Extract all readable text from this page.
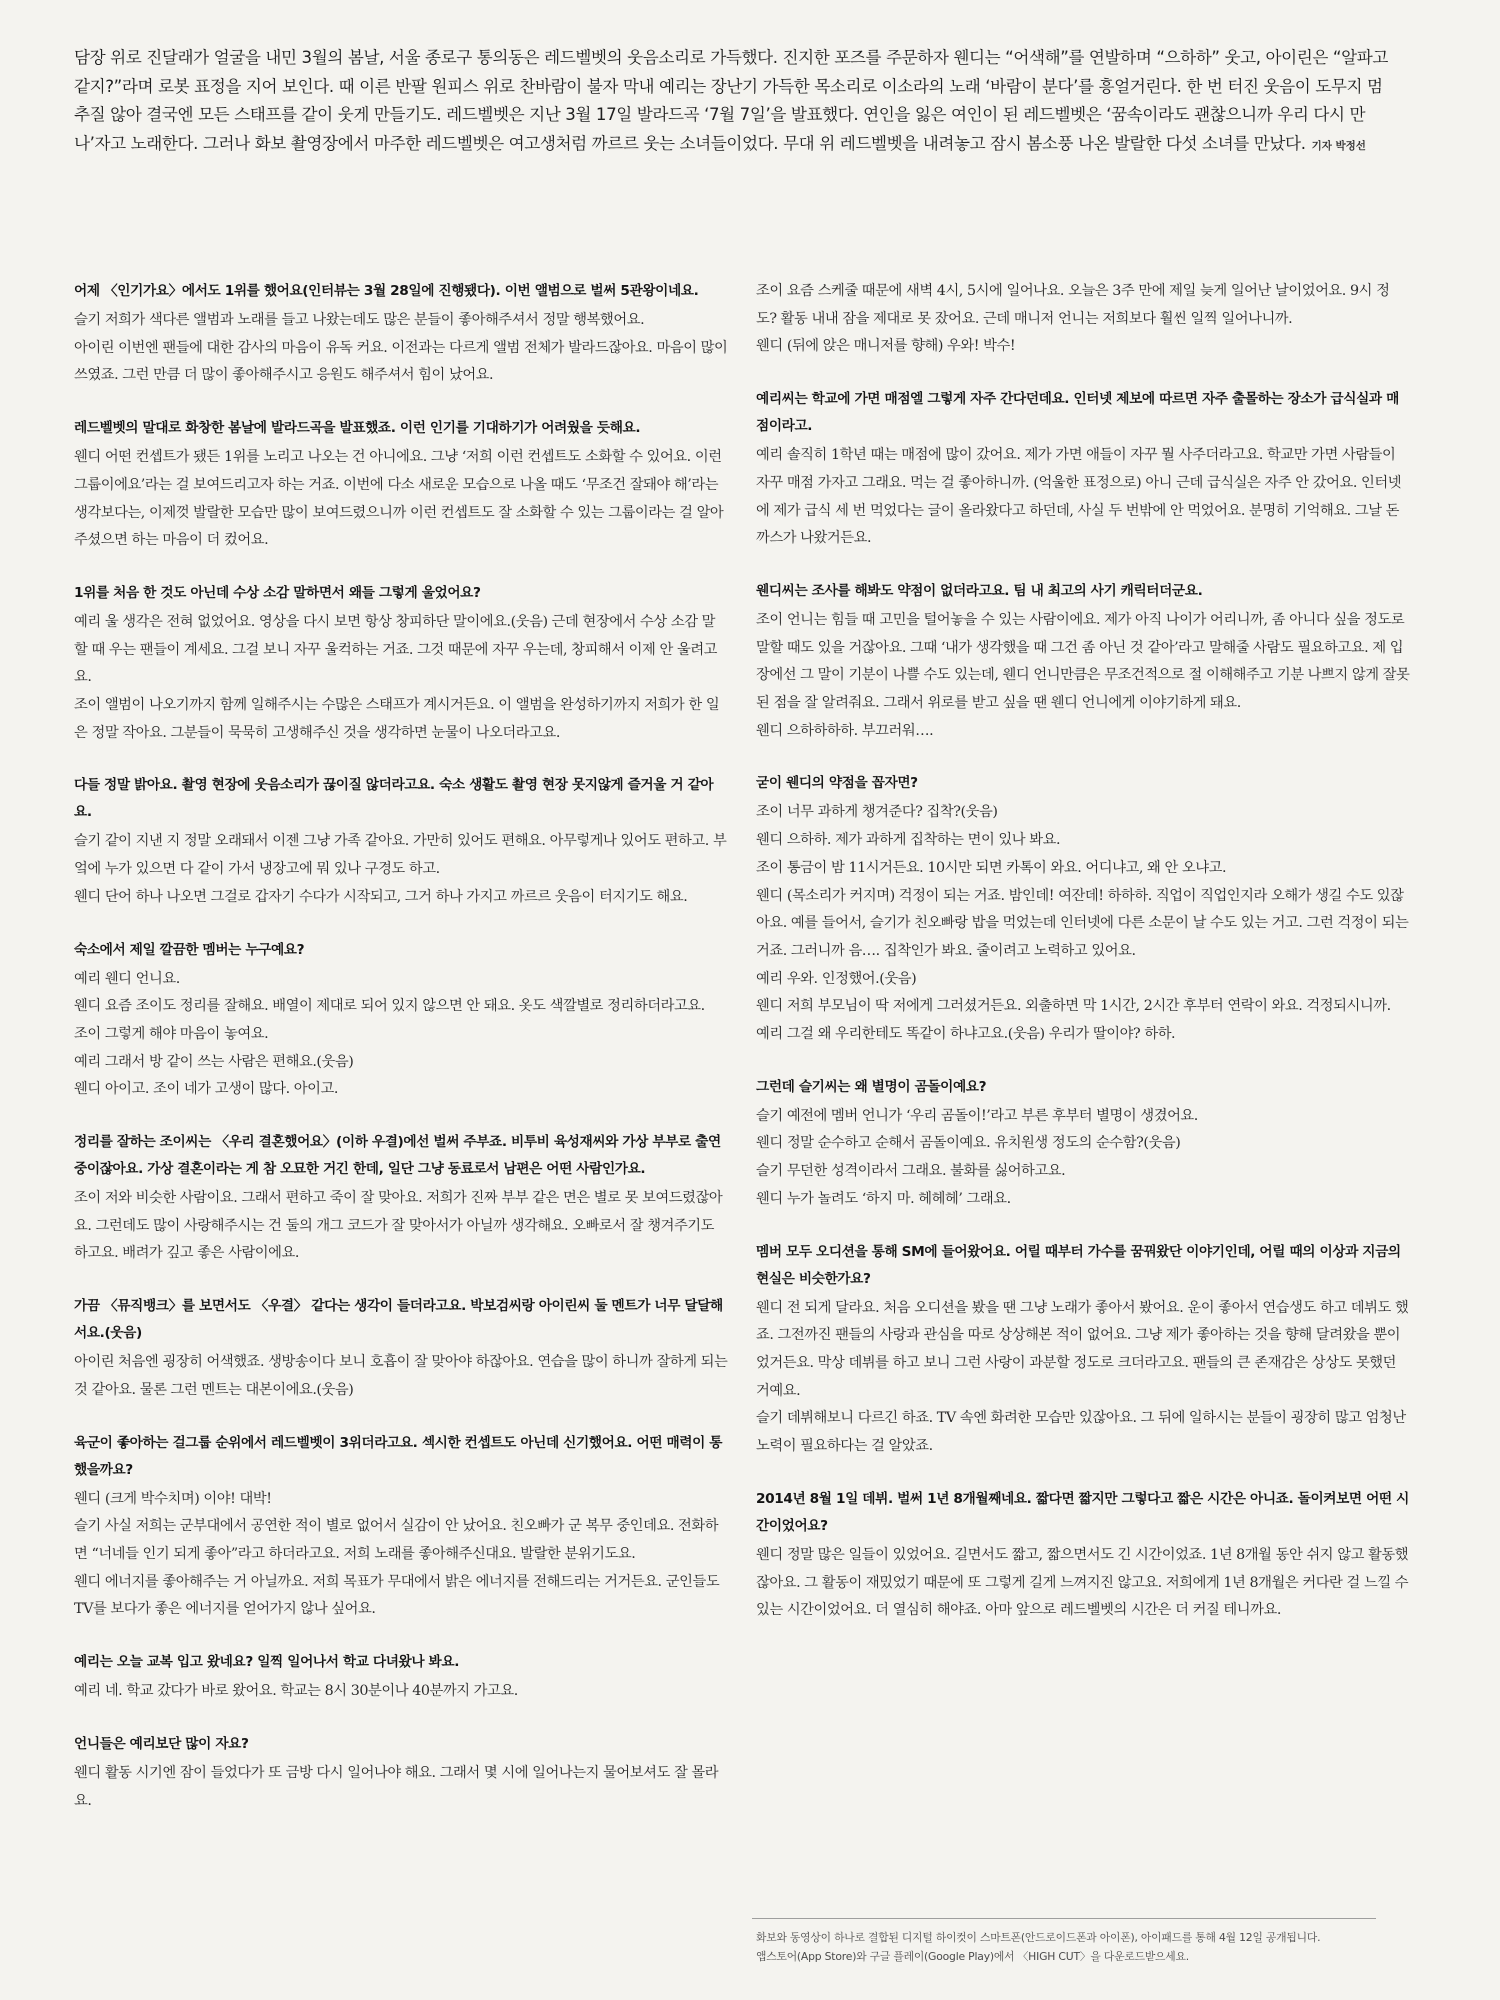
담장 위로 진달래가 얼굴을 내민 3월의 봄날, 서울 종로구 통의동은 레드벨벳의 웃음소리로 가득했다. 진지한 포즈를 주문하자 웬디는 “어색해”를 연발하며 “으하하” 웃고, 아이린은 “알파고 같지?”라며 로봇 표정을 지어 보인다. 때 이른 반팔 원피스 위로 찬바람이 불자 막내 예리는 장난기 가득한 목소리로 이소라의 노래 ‘바람이 분다’를 흥얼거린다. 한 번 터진 웃음이 도무지 멈추질 않아 결국엔 모든 스태프를 같이 웃게 만들기도. 레드벨벳은 지난 3월 17일 발라드곡 ‘7월 7일’을 발표했다. 연인을 잃은 여인이 된 레드벨벳은 ‘꿈속이라도 괜찮으니까 우리 다시 만나’자고 노래한다. 그러나 화보 촬영장에서 마주한 레드벨벳은 여고생처럼 까르르 웃는 소녀들이었다. 무대 위 레드벨벳을 내려놓고 잠시 봄소풍 나온 발랄한 다섯 소녀를 만났다. 기자 박정선

어제 〈인기가요〉에서도 1위를 했어요(인터뷰는 3월 28일에 진행됐다). 이번 앨범으로 벌써 5관왕이네요.

슬기 저희가 색다른 앨범과 노래를 들고 나왔는데도 많은 분들이 좋아해주셔서 정말 행복했어요.

아이린 이번엔 팬들에 대한 감사의 마음이 유독 커요. 이전과는 다르게 앨범 전체가 발라드잖아요. 마음이 많이 쓰였죠. 그런 만큼 더 많이 좋아해주시고 응원도 해주셔서 힘이 났어요.

레드벨벳의 말대로 화창한 봄날에 발라드곡을 발표했죠. 이런 인기를 기대하기가 어려웠을 듯해요.

웬디 어떤 컨셉트가 됐든 1위를 노리고 나오는 건 아니에요. 그냥 ‘저희 이런 컨셉트도 소화할 수 있어요. 이런 그룹이에요’라는 걸 보여드리고자 하는 거죠. 이번에 다소 새로운 모습으로 나올 때도 ‘무조건 잘돼야 해’라는 생각보다는, 이제껏 발랄한 모습만 많이 보여드렸으니까 이런 컨셉트도 잘 소화할 수 있는 그룹이라는 걸 알아주셨으면 하는 마음이 더 컸어요.

1위를 처음 한 것도 아닌데 수상 소감 말하면서 왜들 그렇게 울었어요?

예리 울 생각은 전혀 없었어요. 영상을 다시 보면 항상 창피하단 말이에요.(웃음) 근데 현장에서 수상 소감 말할 때 우는 팬들이 계세요. 그걸 보니 자꾸 울컥하는 거죠. 그것 때문에 자꾸 우는데, 창피해서 이제 안 울려고요.

조이 앨범이 나오기까지 함께 일해주시는 수많은 스태프가 계시거든요. 이 앨범을 완성하기까지 저희가 한 일은 정말 작아요. 그분들이 묵묵히 고생해주신 것을 생각하면 눈물이 나오더라고요.

다들 정말 밝아요. 촬영 현장에 웃음소리가 끊이질 않더라고요. 숙소 생활도 촬영 현장 못지않게 즐거울 거 같아요.

슬기 같이 지낸 지 정말 오래돼서 이젠 그냥 가족 같아요. 가만히 있어도 편해요. 아무렇게나 있어도 편하고. 부엌에 누가 있으면 다 같이 가서 냉장고에 뭐 있나 구경도 하고.

웬디 단어 하나 나오면 그걸로 갑자기 수다가 시작되고, 그거 하나 가지고 까르르 웃음이 터지기도 해요.

숙소에서 제일 깔끔한 멤버는 누구예요?

예리 웬디 언니요.

웬디 요즘 조이도 정리를 잘해요. 배열이 제대로 되어 있지 않으면 안 돼요. 옷도 색깔별로 정리하더라고요.

조이 그렇게 해야 마음이 놓여요.

예리 그래서 방 같이 쓰는 사람은 편해요.(웃음)

웬디 아이고. 조이 네가 고생이 많다. 아이고.

정리를 잘하는 조이씨는 〈우리 결혼했어요〉(이하 우결)에선 벌써 주부죠. 비투비 육성재씨와 가상 부부로 출연 중이잖아요. 가상 결혼이라는 게 참 오묘한 거긴 한데, 일단 그냥 동료로서 남편은 어떤 사람인가요.

조이 저와 비슷한 사람이요. 그래서 편하고 죽이 잘 맞아요. 저희가 진짜 부부 같은 면은 별로 못 보여드렸잖아요. 그런데도 많이 사랑해주시는 건 둘의 개그 코드가 잘 맞아서가 아닐까 생각해요. 오빠로서 잘 챙겨주기도 하고요. 배려가 깊고 좋은 사람이에요.

가끔 〈뮤직뱅크〉를 보면서도 〈우결〉 같다는 생각이 들더라고요. 박보검씨랑 아이린씨 둘 멘트가 너무 달달해서요.(웃음)

아이린 처음엔 굉장히 어색했죠. 생방송이다 보니 호흡이 잘 맞아야 하잖아요. 연습을 많이 하니까 잘하게 되는 것 같아요. 물론 그런 멘트는 대본이에요.(웃음)

육군이 좋아하는 걸그룹 순위에서 레드벨벳이 3위더라고요. 섹시한 컨셉트도 아닌데 신기했어요. 어떤 매력이 통했을까요?

웬디 (크게 박수치며) 이야! 대박!

슬기 사실 저희는 군부대에서 공연한 적이 별로 없어서 실감이 안 났어요. 친오빠가 군 복무 중인데요. 전화하면 “너네들 인기 되게 좋아”라고 하더라고요. 저희 노래를 좋아해주신대요. 발랄한 분위기도요.

웬디 에너지를 좋아해주는 거 아닐까요. 저희 목표가 무대에서 밝은 에너지를 전해드리는 거거든요. 군인들도 TV를 보다가 좋은 에너지를 얻어가지 않나 싶어요.

예리는 오늘 교복 입고 왔네요? 일찍 일어나서 학교 다녀왔나 봐요.

예리 네. 학교 갔다가 바로 왔어요. 학교는 8시 30분이나 40분까지 가고요.

언니들은 예리보단 많이 자요?

웬디 활동 시기엔 잠이 들었다가 또 금방 다시 일어나야 해요. 그래서 몇 시에 일어나는지 물어보셔도 잘 몰라요.

조이 요즘 스케줄 때문에 새벽 4시, 5시에 일어나요. 오늘은 3주 만에 제일 늦게 일어난 날이었어요. 9시 정도? 활동 내내 잠을 제대로 못 잤어요. 근데 매니저 언니는 저희보다 훨씬 일찍 일어나니까.

웬디 (뒤에 앉은 매니저를 향해) 우와! 박수!

예리씨는 학교에 가면 매점엘 그렇게 자주 간다던데요. 인터넷 제보에 따르면 자주 출몰하는 장소가 급식실과 매점이라고.

예리 솔직히 1학년 때는 매점에 많이 갔어요. 제가 가면 애들이 자꾸 뭘 사주더라고요. 학교만 가면 사람들이 자꾸 매점 가자고 그래요. 먹는 걸 좋아하니까. (억울한 표정으로) 아니 근데 급식실은 자주 안 갔어요. 인터넷에 제가 급식 세 번 먹었다는 글이 올라왔다고 하던데, 사실 두 번밖에 안 먹었어요. 분명히 기억해요. 그날 돈까스가 나왔거든요.

웬디씨는 조사를 해봐도 약점이 없더라고요. 팀 내 최고의 사기 캐릭터더군요.

조이 언니는 힘들 때 고민을 털어놓을 수 있는 사람이에요. 제가 아직 나이가 어리니까, 좀 아니다 싶을 정도로 말할 때도 있을 거잖아요. 그때 ‘내가 생각했을 때 그건 좀 아닌 것 같아’라고 말해줄 사람도 필요하고요. 제 입장에선 그 말이 기분이 나쁠 수도 있는데, 웬디 언니만큼은 무조건적으로 절 이해해주고 기분 나쁘지 않게 잘못된 점을 잘 알려줘요. 그래서 위로를 받고 싶을 땐 웬디 언니에게 이야기하게 돼요.

웬디 으하하하하. 부끄러워….

굳이 웬디의 약점을 꼽자면?

조이 너무 과하게 챙겨준다? 집착?(웃음)

웬디 으하하. 제가 과하게 집착하는 면이 있나 봐요.

조이 통금이 밤 11시거든요. 10시만 되면 카톡이 와요. 어디냐고, 왜 안 오냐고.

웬디 (목소리가 커지며) 걱정이 되는 거죠. 밤인데! 여잔데! 하하하. 직업이 직업인지라 오해가 생길 수도 있잖아요. 예를 들어서, 슬기가 친오빠랑 밥을 먹었는데 인터넷에 다른 소문이 날 수도 있는 거고. 그런 걱정이 되는 거죠. 그러니까 음…. 집착인가 봐요. 줄이려고 노력하고 있어요.

예리 우와. 인정했어.(웃음)

웬디 저희 부모님이 딱 저에게 그러셨거든요. 외출하면 막 1시간, 2시간 후부터 연락이 와요. 걱정되시니까.

예리 그걸 왜 우리한테도 똑같이 하냐고요.(웃음) 우리가 딸이야? 하하.

그런데 슬기씨는 왜 별명이 곰돌이예요?

슬기 예전에 멤버 언니가 ‘우리 곰돌이!’라고 부른 후부터 별명이 생겼어요.

웬디 정말 순수하고 순해서 곰돌이예요. 유치원생 정도의 순수함?(웃음)

슬기 무던한 성격이라서 그래요. 불화를 싫어하고요.

웬디 누가 놀려도 ‘하지 마. 헤헤헤’ 그래요.

멤버 모두 오디션을 통해 SM에 들어왔어요. 어릴 때부터 가수를 꿈꿔왔단 이야기인데, 어릴 때의 이상과 지금의 현실은 비슷한가요?

웬디 전 되게 달라요. 처음 오디션을 봤을 땐 그냥 노래가 좋아서 봤어요. 운이 좋아서 연습생도 하고 데뷔도 했죠. 그전까진 팬들의 사랑과 관심을 따로 상상해본 적이 없어요. 그냥 제가 좋아하는 것을 향해 달려왔을 뿐이었거든요. 막상 데뷔를 하고 보니 그런 사랑이 과분할 정도로 크더라고요. 팬들의 큰 존재감은 상상도 못했던 거예요.

슬기 데뷔해보니 다르긴 하죠. TV 속엔 화려한 모습만 있잖아요. 그 뒤에 일하시는 분들이 굉장히 많고 엄청난 노력이 필요하다는 걸 알았죠.

2014년 8월 1일 데뷔. 벌써 1년 8개월째네요. 짧다면 짧지만 그렇다고 짧은 시간은 아니죠. 돌이켜보면 어떤 시간이었어요?

웬디 정말 많은 일들이 있었어요. 길면서도 짧고, 짧으면서도 긴 시간이었죠. 1년 8개월 동안 쉬지 않고 활동했잖아요. 그 활동이 재밌었기 때문에 또 그렇게 길게 느껴지진 않고요. 저희에게 1년 8개월은 커다란 걸 느낄 수 있는 시간이었어요. 더 열심히 해야죠. 아마 앞으로 레드벨벳의 시간은 더 커질 테니까요.

화보와 동영상이 하나로 결합된 디지털 하이컷이 스마트폰(안드로이드폰과 아이폰), 아이패드를 통해 4월 12일 공개됩니다.
앱스토어(App Store)와 구글 플레이(Google Play)에서 〈HIGH CUT〉을 다운로드받으세요.
